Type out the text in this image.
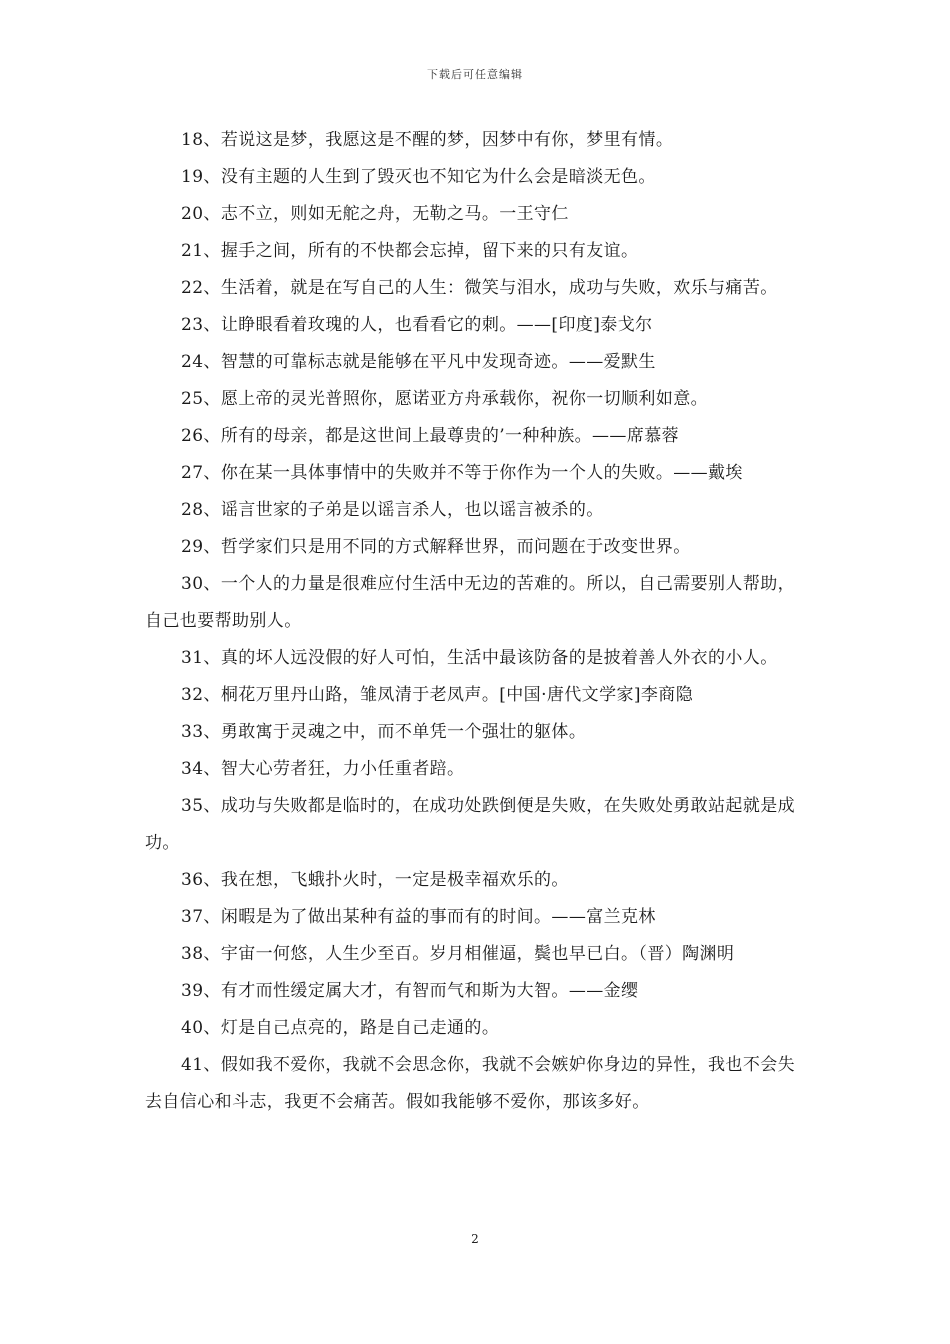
下载后可任意编辑

18、若说这是梦，我愿这是不醒的梦，因梦中有你，梦里有情。

19、没有主题的人生到了毁灭也不知它为什么会是暗淡无色。

20、志不立，则如无舵之舟，无勒之马。一王守仁

21、握手之间，所有的不快都会忘掉，留下来的只有友谊。

22、生活着，就是在写自己的人生：微笑与泪水，成功与失败，欢乐与痛苦。

23、让睁眼看着玫瑰的人，也看看它的刺。——[印度]泰戈尔

24、智慧的可靠标志就是能够在平凡中发现奇迹。——爱默生

25、愿上帝的灵光普照你，愿诺亚方舟承载你，祝你一切顺利如意。

26、所有的母亲，都是这世间上最尊贵的’一种种族。——席慕蓉

27、你在某一具体事情中的失败并不等于你作为一个人的失败。——戴埃

28、谣言世家的子弟是以谣言杀人，也以谣言被杀的。

29、哲学家们只是用不同的方式解释世界，而问题在于改变世界。

30、一个人的力量是很难应付生活中无边的苦难的。所以，自己需要别人帮助，自己也要帮助别人。

31、真的坏人远没假的好人可怕，生活中最该防备的是披着善人外衣的小人。

32、桐花万里丹山路，雏凤清于老凤声。[中国·唐代文学家]李商隐

33、勇敢寓于灵魂之中，而不单凭一个强壮的躯体。

34、智大心劳者狂，力小任重者踣。

35、成功与失败都是临时的，在成功处跌倒便是失败，在失败处勇敢站起就是成功。

36、我在想，飞蛾扑火时，一定是极幸福欢乐的。

37、闲暇是为了做出某种有益的事而有的时间。——富兰克林

38、宇宙一何悠，人生少至百。岁月相催逼，鬓也早已白。（晋）陶渊明

39、有才而性缓定属大才，有智而气和斯为大智。——金缨

40、灯是自己点亮的，路是自己走通的。

41、假如我不爱你，我就不会思念你，我就不会嫉妒你身边的异性，我也不会失去自信心和斗志，我更不会痛苦。假如我能够不爱你，那该多好。

2
